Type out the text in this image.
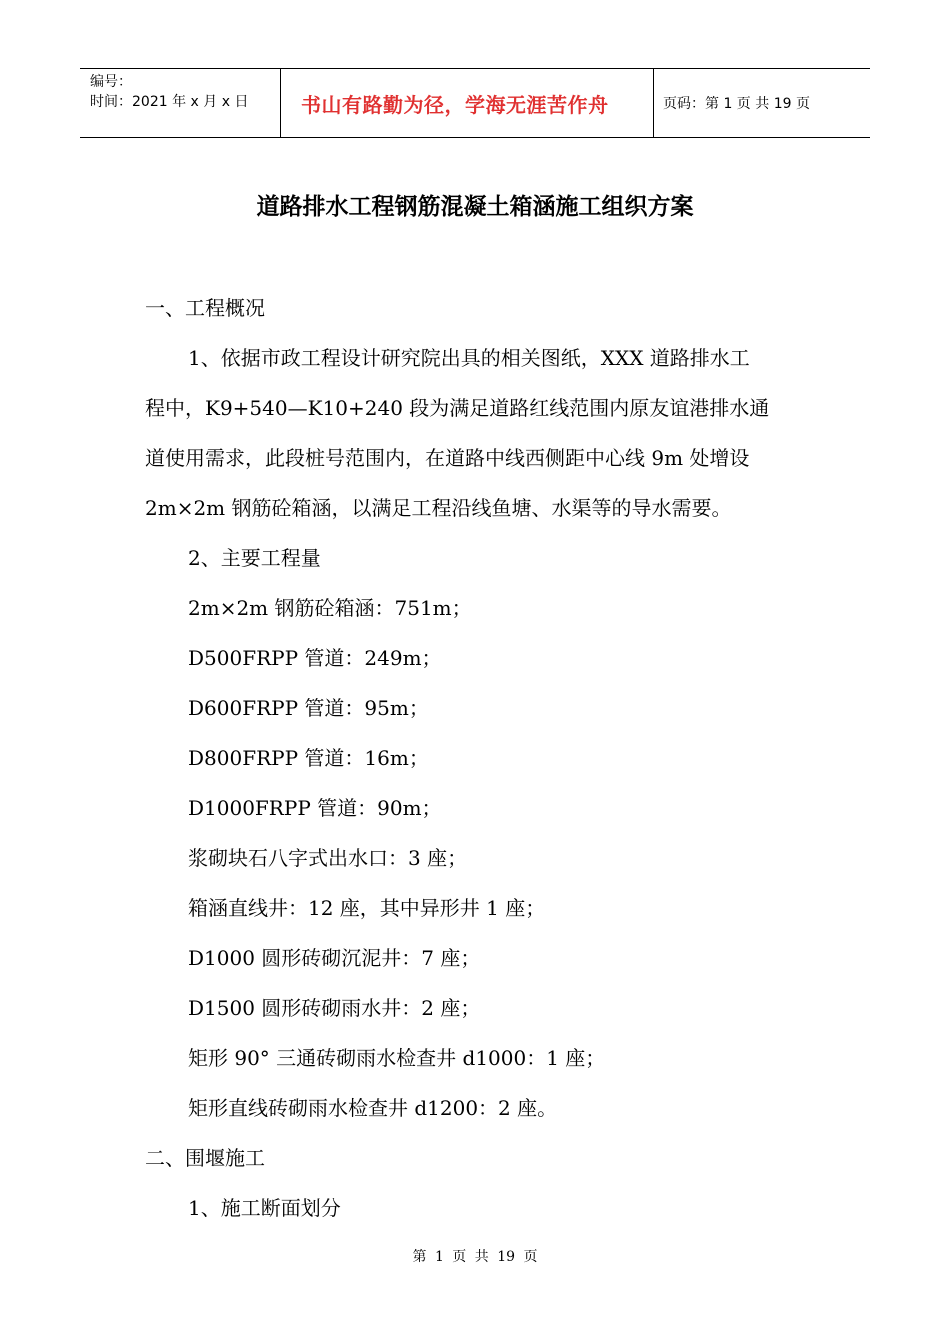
编号：
时间：2021 年 x 月 x 日	书山有路勤为径，学海无涯苦作舟	页码：第 1 页 共 19 页
道路排水工程钢筋混凝土箱涵施工组织方案
一、工程概况
1、依据市政工程设计研究院出具的相关图纸，XXX 道路排水工
程中，K9+540—K10+240 段为满足道路红线范围内原友谊港排水通
道使用需求，此段桩号范围内，在道路中线西侧距中心线 9m 处增设
2m×2m 钢筋砼箱涵，以满足工程沿线鱼塘、水渠等的导水需要。
2、主要工程量
2m×2m 钢筋砼箱涵：751m；
D500FRPP 管道：249m；
D600FRPP 管道：95m；
D800FRPP 管道：16m；
D1000FRPP 管道：90m；
浆砌块石八字式出水口：3 座；
箱涵直线井：12 座，其中异形井 1 座；
D1000 圆形砖砌沉泥井：7 座；
D1500 圆形砖砌雨水井：2 座；
矩形 90° 三通砖砌雨水检查井 d1000：1 座；
矩形直线砖砌雨水检查井 d1200：2 座。
二、围堰施工
1、施工断面划分
第 1 页 共 19 页
